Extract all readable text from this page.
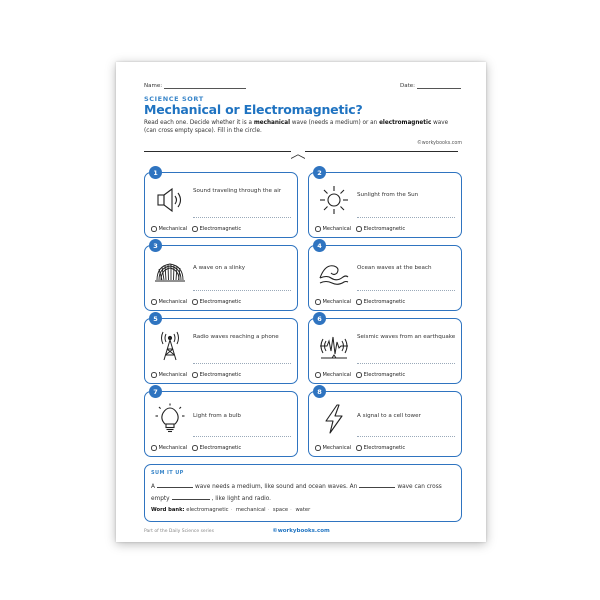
Name:	Date:
SCIENCE SORT
Mechanical or Electromagnetic?
Read each one. Decide whether it is a mechanical wave (needs a medium) or an electromagnetic wave (can cross empty space). Fill in the circle.
©workybooks.com
1
Sound traveling through the air
Mechanical Electromagnetic
2
Sunlight from the Sun
Mechanical Electromagnetic
3
A wave on a slinky
Mechanical Electromagnetic
4
Ocean waves at the beach
Mechanical Electromagnetic
5
Radio waves reaching a phone
Mechanical Electromagnetic
6
Seismic waves from an earthquake
Mechanical Electromagnetic
7
Light from a bulb
Mechanical Electromagnetic
8
A signal to a cell tower
Mechanical Electromagnetic
SUM IT UP
A	wave needs a medium, like sound and ocean waves. An	wave can cross empty	, like light and radio.
Word bank: electromagnetic · mechanical · space · water
Part of the Daily Science series	©workybooks.com
